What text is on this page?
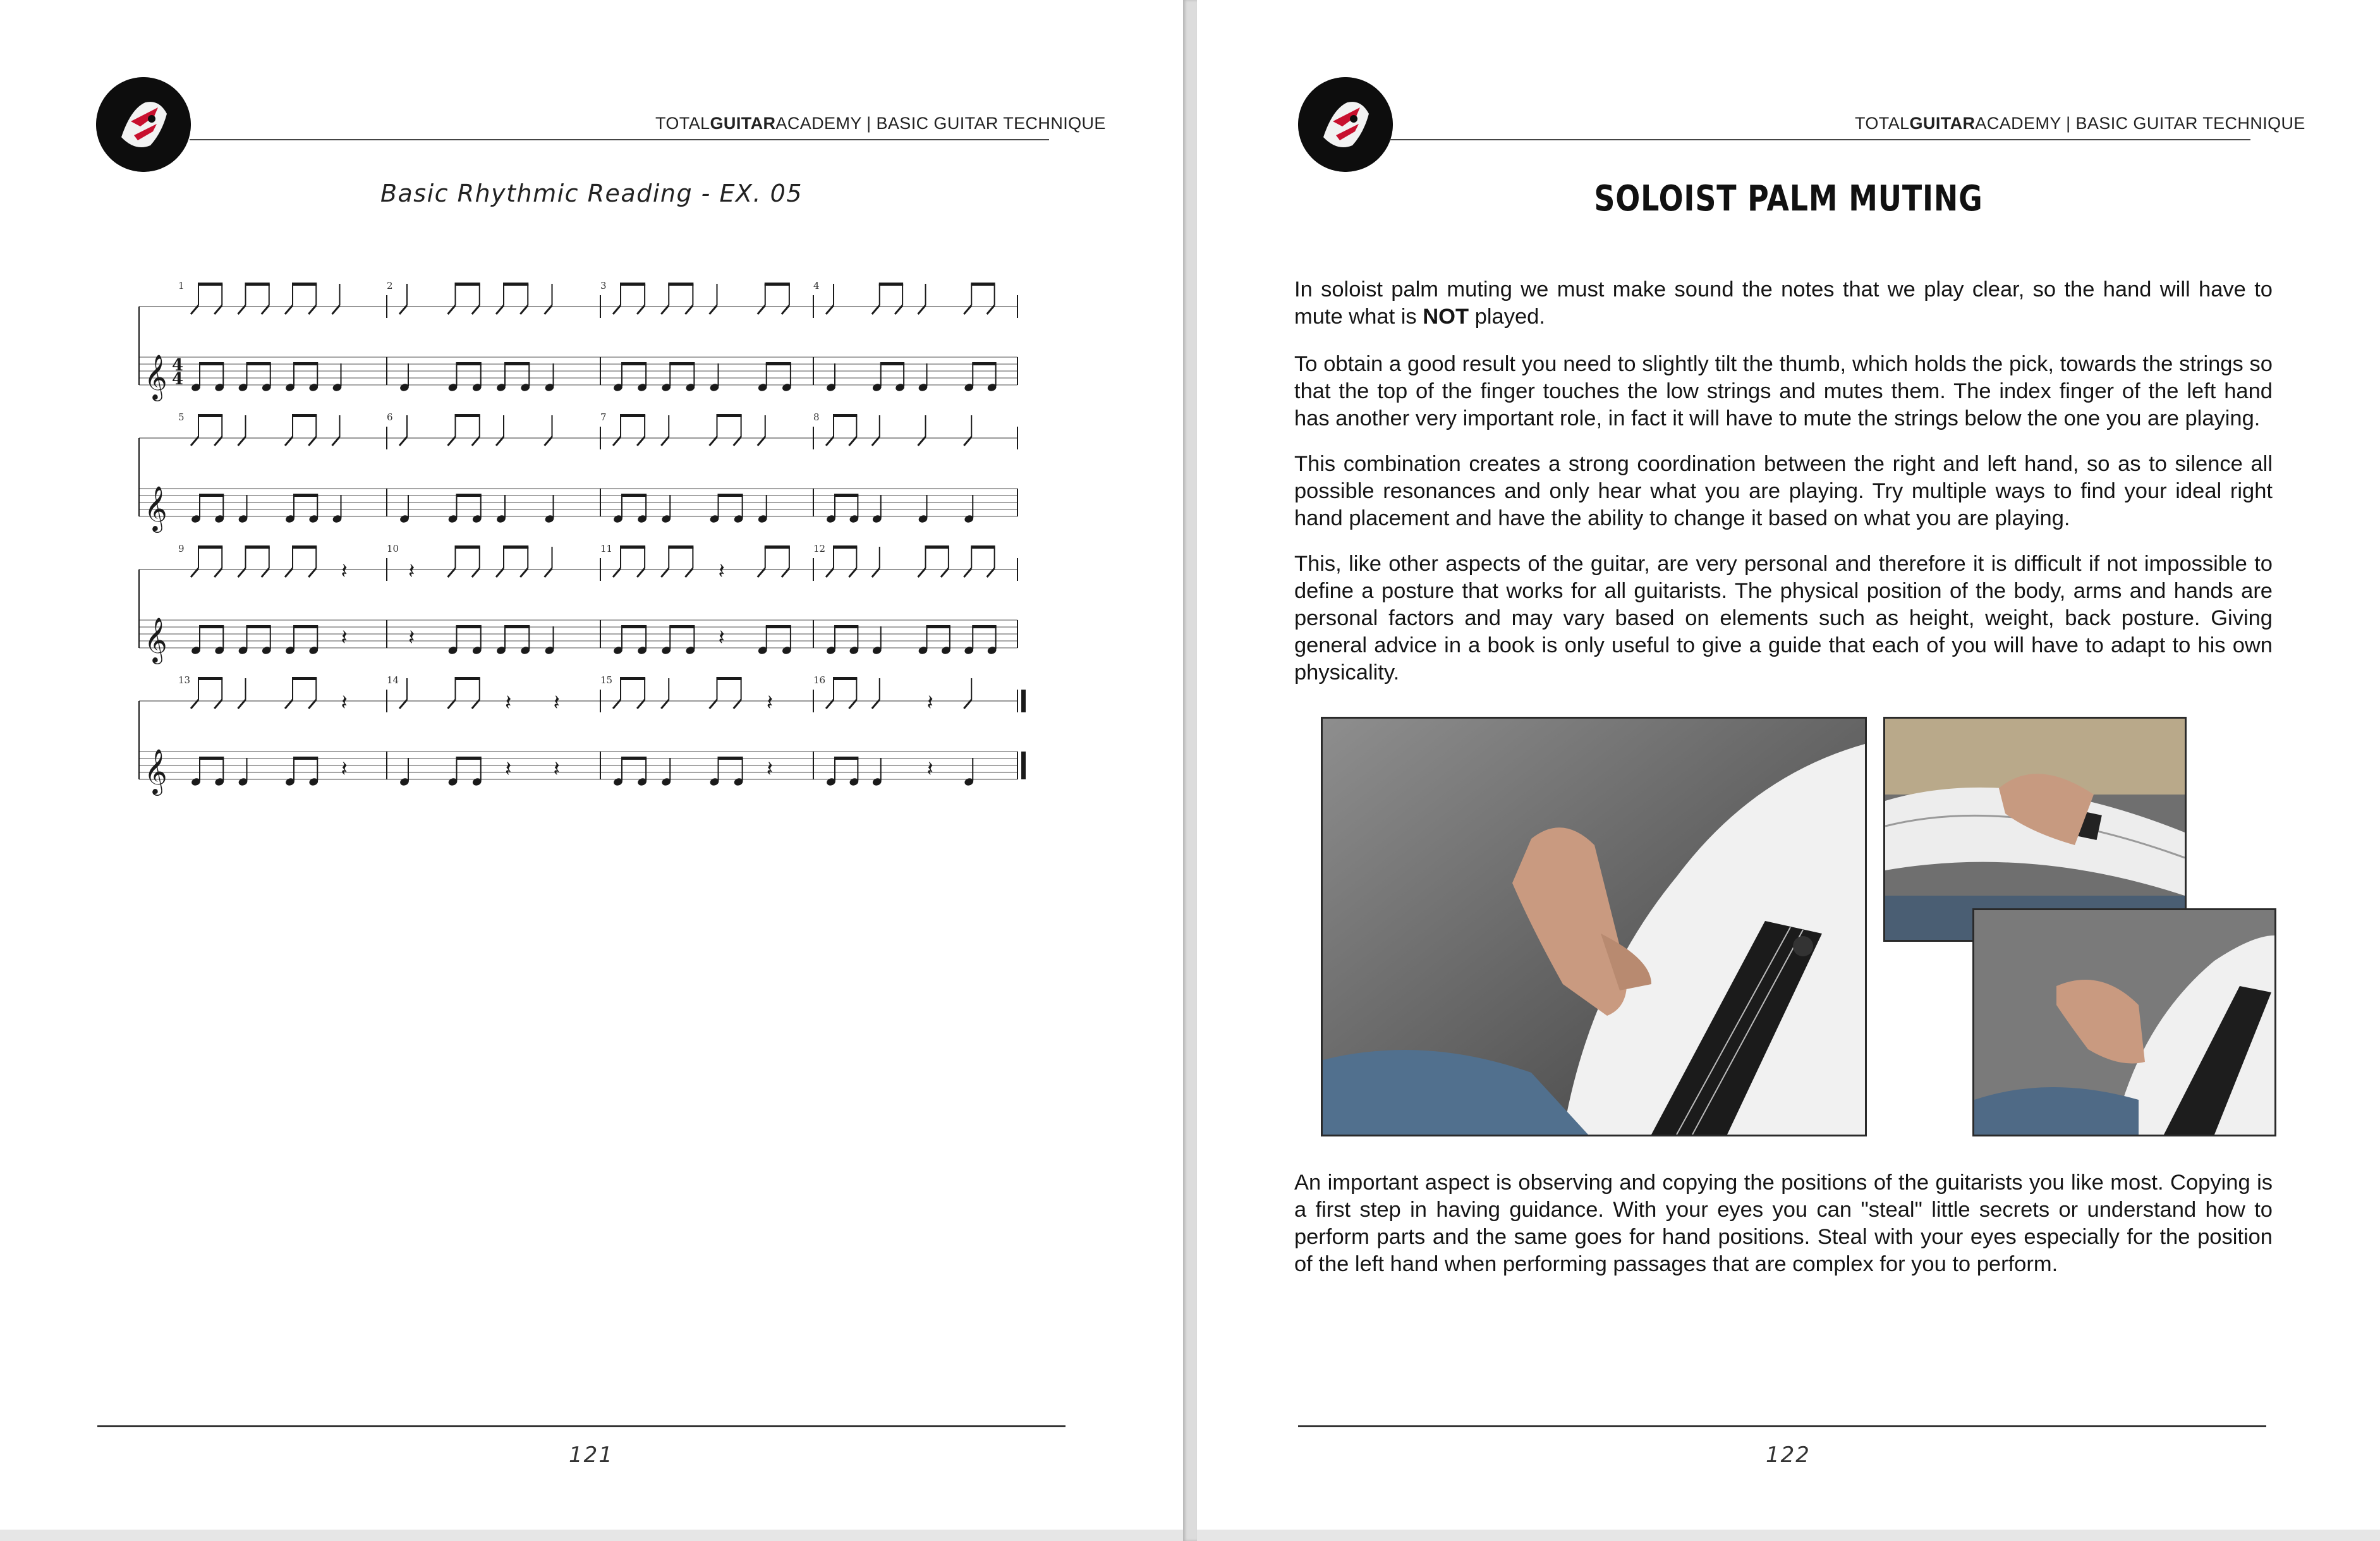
TOTALGUITARACADEMY | BASIC GUITAR TECHNIQUE
Basic Rhythmic Reading - EX. 05
𝄞 4
4
1	2	3	4
𝄞
5	6	7	8
𝄞
9
𝄽
𝄽
10
𝄽
𝄽
11
𝄽
𝄽
12
𝄞
13
𝄽
𝄽
14
𝄽
𝄽
𝄽
𝄽
15
𝄽
𝄽
16
𝄽
𝄽
121
TOTALGUITARACADEMY | BASIC GUITAR TECHNIQUE
SOLOIST PALM MUTING

In soloist palm muting we must make sound the notes that we play clear, so the hand will have to mute what is NOT played.

To obtain a good result you need to slightly tilt the thumb, which holds the pick, towards the strings so that the top of the finger touches the low strings and mutes them. The index finger of the left hand has another very important role, in fact it will have to mute the strings below the one you are playing.

This combination creates a strong coordination between the right and left hand, so as to silence all possible resonances and only hear what you are playing. Try multiple ways to find your ideal right hand placement and have the ability to change it based on what you are playing.

This, like other aspects of the guitar, are very personal and therefore it is difficult if not impossible to define a posture that works for all guitarists. The physical position of the body, arms and hands are personal factors and may vary based on elements such as height, weight, back posture. Giving general advice in a book is only useful to give a guide that each of you will have to adapt to his own physicality.

An important aspect is observing and copying the positions of the guitarists you like most. Copying is a first step in having guidance. With your eyes you can "steal" little secrets or understand how to perform parts and the same goes for hand positions. Steal with your eyes especially for the position of the left hand when performing passages that are complex for you to perform.

122
